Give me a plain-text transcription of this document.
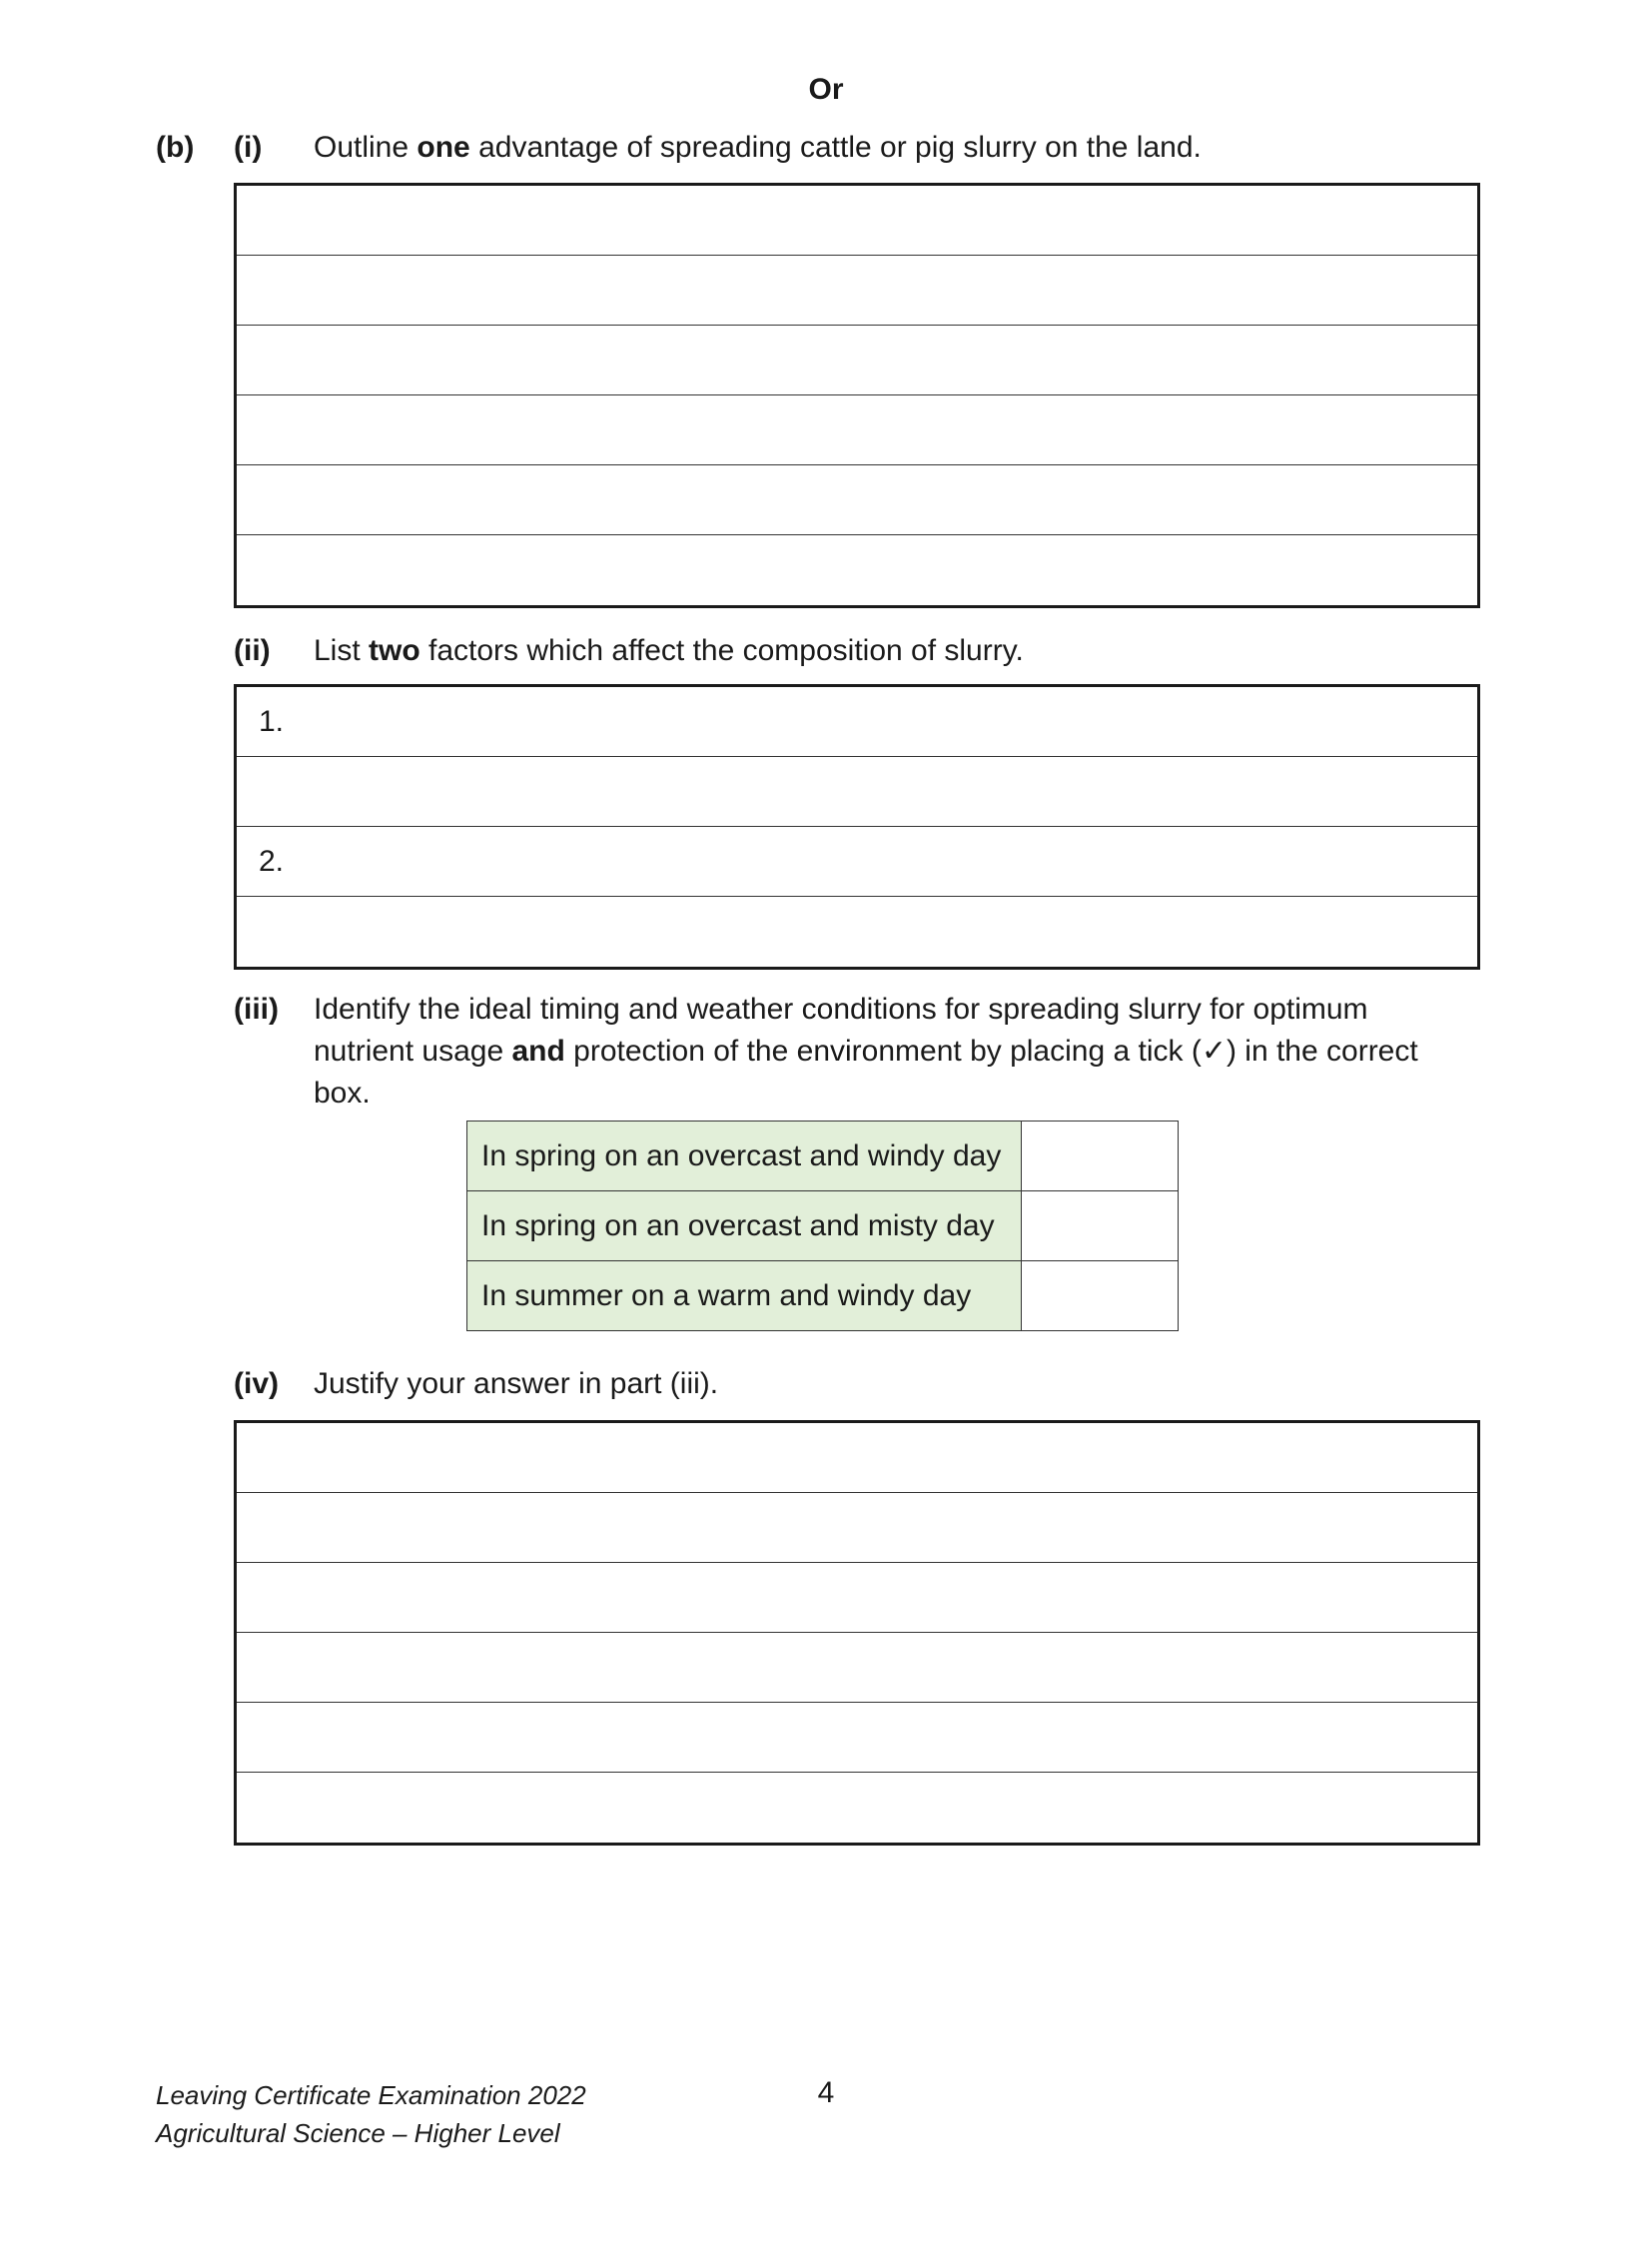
Or
(b) (i) Outline one advantage of spreading cattle or pig slurry on the land.
(ii) List two factors which affect the composition of slurry.
1.
2.
(iii) Identify the ideal timing and weather conditions for spreading slurry for optimum
nutrient usage and protection of the environment by placing a tick (✓) in the correct
box.
In spring on an overcast and windy day	
In spring on an overcast and misty day	
In summer on a warm and windy day	
(iv) Justify your answer in part (iii).
Leaving Certificate Examination 2022
Agricultural Science – Higher Level
4
